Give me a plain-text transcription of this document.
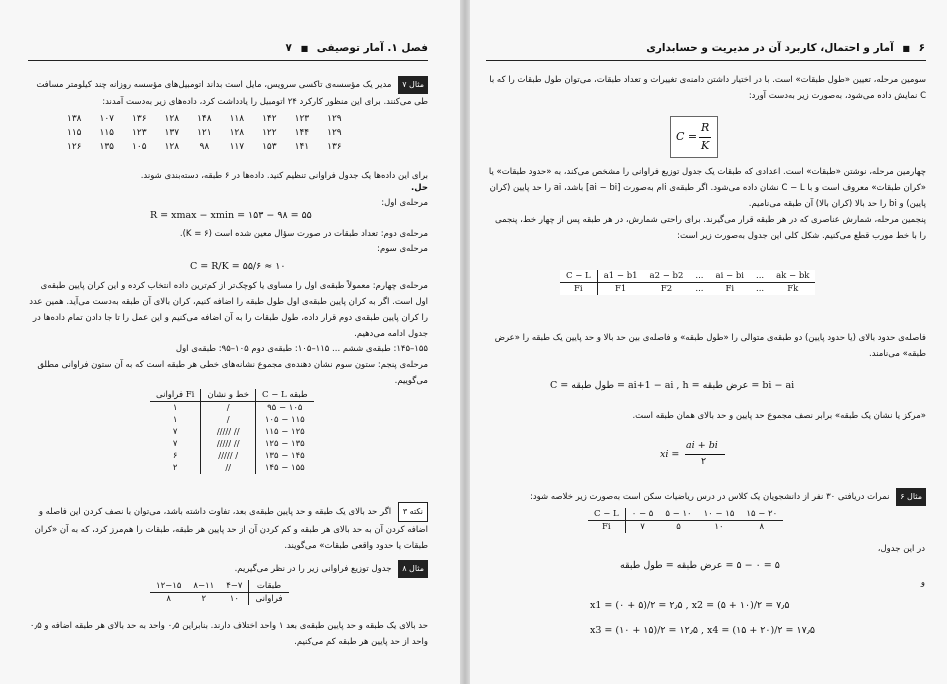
فصل ۱. آمار توصیفی ■ ۷

مثال ۷ مدیر یک مؤسسه‌ی تاکسی سرویس، مایل است بداند اتومبیل‌های مؤسسه روزانه چند کیلومتر مسافت طی می‌کنند. برای این منظور کارکرد ۲۴ اتومبیل را یادداشت کرد، داده‌های زیر به‌دست آمدند:

۱۳۸	۱۰۷	۱۳۶	۱۲۸	۱۴۸	۱۱۸	۱۴۲	۱۲۳	۱۲۹
۱۱۵	۱۱۵	۱۲۳	۱۳۷	۱۲۱	۱۲۸	۱۲۲	۱۴۴	۱۲۹
۱۲۶	۱۳۵	۱۰۵	۱۲۸	۹۸	۱۱۷	۱۵۳	۱۴۱	۱۳۶

برای این داده‌ها یک جدول فراوانی تنظیم کنید. داده‌ها در ۶ طبقه، دسته‌بندی شوند.

حل.
مرحله‌ی اول:
R = xmax − xmin = ۱۵۳ − ۹۸ = ۵۵

مرحله‌ی دوم: تعداد طبقات در صورت سؤال معین شده است (۶ = K).

مرحله‌ی سوم:
C = R/K = ۵۵/۶ ≈ ۱۰

مرحله‌ی چهارم: معمولاً طبقه‌ی اول را مساوی یا کوچک‌تر از کم‌ترین داده انتخاب کرده و این کران پایین طبقه‌ی اول است. اگر به کران پایین طبقه‌ی اول طول طبقه را اضافه کنیم، کران بالای آن طبقه به‌دست می‌آید. همین عدد را کران پایین طبقه‌ی دوم قرار داده، طول طبقات را به آن اضافه می‌کنیم و این عمل را تا جا دادن تمام داده‌ها در جدول ادامه می‌دهیم.

۱۵۵–۱۴۵: طبقه‌ی ششم ... ۱۱۵–۱۰۵: طبقه‌ی دوم ۱۰۵–۹۵: طبقه‌ی اول

مرحله‌ی پنجم: ستون سوم نشان دهنده‌ی مجموع نشانه‌های خطی هر طبقه است که به آن ستون فراوانی مطلق می‌گوییم.

فراوانی Fi	خط و نشان	C − L طبقه
۱	/	۹۵ − ۱۰۵
۱	/	۱۰۵ − ۱۱۵
۷	///// //	۱۱۵ − ۱۲۵
۷	///// //	۱۲۵ − ۱۳۵
۶	///// /	۱۳۵ − ۱۴۵
۲	//	۱۴۵ − ۱۵۵

نکته ۳ اگر حد بالای یک طبقه و حد پایین طبقه‌ی بعد، تفاوت داشته باشد، می‌توان با نصف کردن این فاصله و اضافه کردن آن به حد بالای هر طبقه و کم کردن آن از حد پایین هر طبقه، طبقات را هم‌مرز کرد، که به آن «کران طبقات یا حدود واقعی طبقات» می‌گویند.

مثال ۸ جدول توزیع فراوانی زیر را در نظر می‌گیریم.

۱۲−۱۵	۸−۱۱	۴−۷	طبقات
۸	۲	۱۰	فراوانی

حد بالای یک طبقه و حد پایین طبقه‌ی بعد ۱ واحد اختلاف دارند. بنابراین ۰٫۵ واحد به حد بالای هر طبقه اضافه و ۰٫۵ واحد از حد پایین هر طبقه کم می‌کنیم.

۶ ■ آمار و احتمال، کاربرد آن در مدیریت و حسابداری

سومین مرحله، تعیین «طول طبقات» است. با در اختیار داشتن دامنه‌ی تغییرات و تعداد طبقات، می‌توان طول طبقات را که با C نمایش داده می‌شود، به‌صورت زیر به‌دست آورد:

C =
R
K

چهارمین مرحله، نوشتن «طبقات» است. اعدادی که طبقات یک جدول توزیع فراوانی را مشخص می‌کند، به «حدود طبقات» یا «کران طبقات» معروف است و با C − L نشان داده می‌شود. اگر طبقه‌ی iام به‌صورت [ai − bi] باشد، ai را حد پایین (کران پایین) و bi را حد بالا (کران بالا) آن طبقه می‌نامیم.

پنجمین مرحله، شمارش عناصری که در هر طبقه قرار می‌گیرند. برای راحتی شمارش، در هر طبقه پس از چهار خط، پنجمی را با خط مورب قطع می‌کنیم. شکل کلی این جدول به‌صورت زیر است:

C − L	a1 − b1	a2 − b2	...	ai − bi	...	ak − bk
Fi	F1	F2	...	Fi	...	Fk

فاصله‌ی حدود بالای (یا حدود پایین) دو طبقه‌ی متوالی را «طول طبقه» و فاصله‌ی بین حد بالا و حد پایین یک طبقه را «عرض طبقه» می‌نامند.

C = طول طبقه = ai+1 − ai , h = عرض طبقه = bi − ai

«مرکز یا نشان یک طبقه» برابر نصف مجموع حد پایین و حد بالای همان طبقه است.

xi =
ai + bi
۲

مثال ۶ نمرات دریافتی ۳۰ نفر از دانشجویان یک کلاس در درس ریاضیات سکن است به‌صورت زیر خلاصه شود:

C − L	۰ − ۵	۵ − ۱۰	۱۰ − ۱۵	۱۵ − ۲۰
Fi	۷	۵	۱۰	۸
در این جدول،
۵ = ۰ − ۵ = عرض طبقه = طول طبقه
و
x1 = (۰ + ۵)/۲ = ۲٫۵ , x2 = (۵ + ۱۰)/۲ = ۷٫۵
x3 = (۱۰ + ۱۵)/۲ = ۱۲٫۵ , x4 = (۱۵ + ۲۰)/۲ = ۱۷٫۵
